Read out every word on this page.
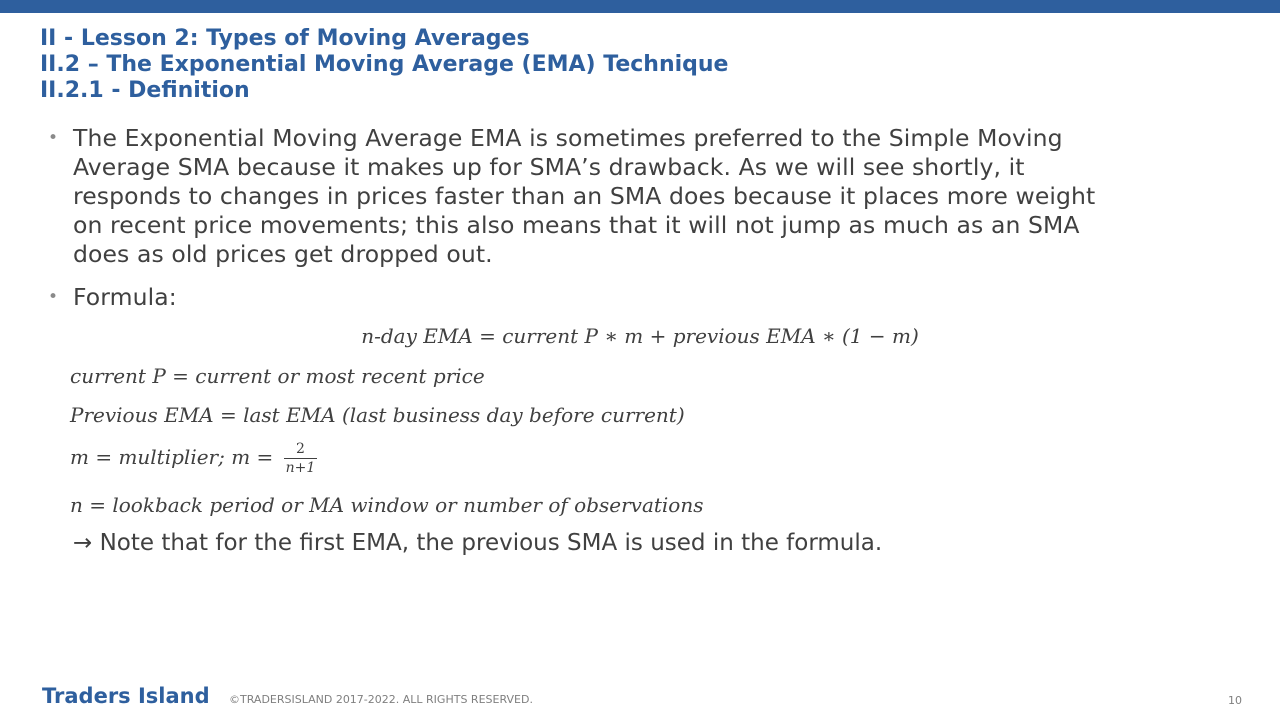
II - Lesson 2: Types of Moving Averages
II.2 – The Exponential Moving Average (EMA) Technique
II.2.1 - Definition
• The Exponential Moving Average EMA is sometimes preferred to the Simple Moving
Average SMA because it makes up for SMA’s drawback. As we will see shortly, it
responds to changes in prices faster than an SMA does because it places more weight
on recent price movements; this also means that it will not jump as much as an SMA
does as old prices get dropped out.
• Formula:
n-day EMA = current P ∗ m + previous EMA ∗ (1 − m)
current P = current or most recent price
Previous EMA = last EMA (last business day before current)
m = multiplier; $m = \frac{2}{n+1}$
n = lookback period or MA window or number of observations
→ Note that for the first EMA, the previous SMA is used in the formula.
Traders Island ©TRADERSISLAND 2017-2022. ALL RIGHTS RESERVED.	10
